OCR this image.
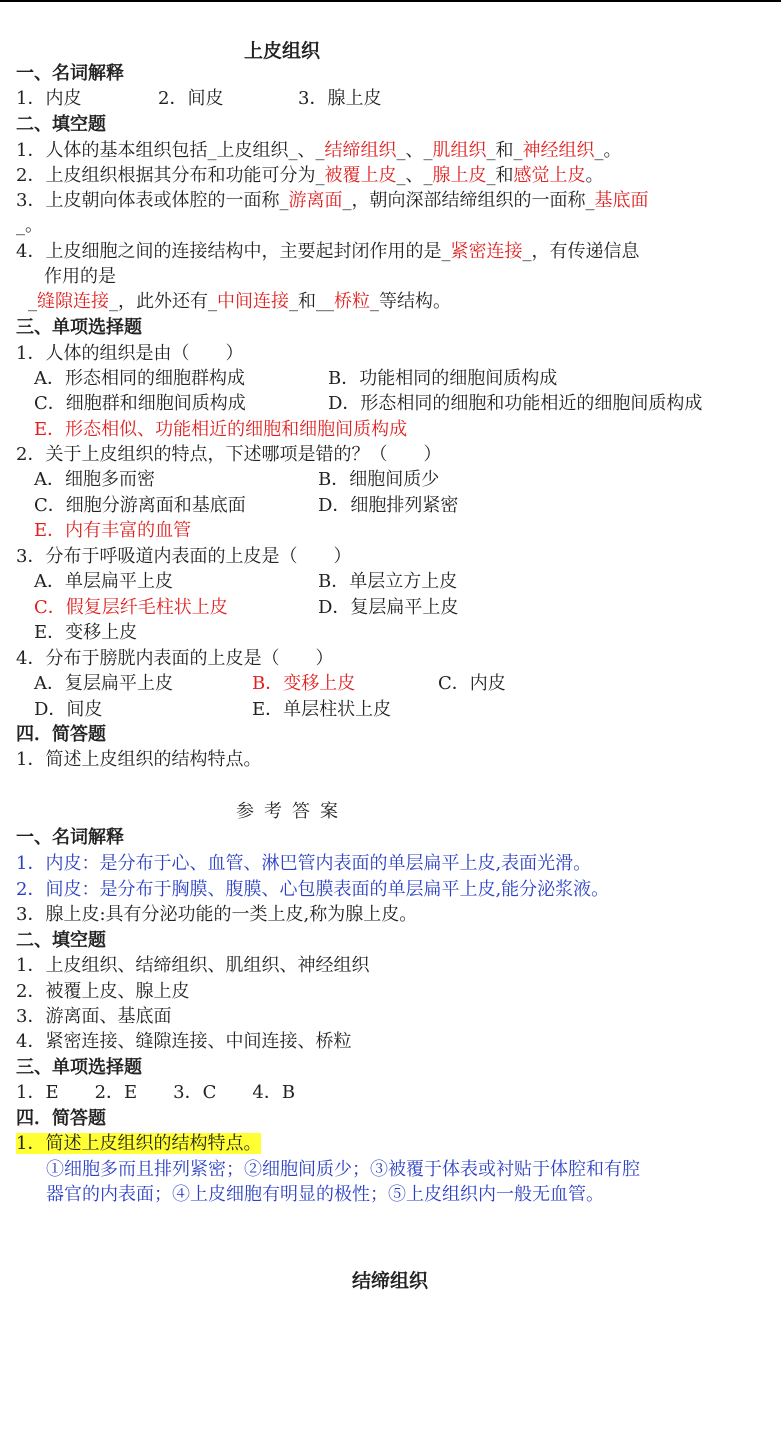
上皮组织
一、名词解释
1．内皮	2．间皮	3．腺上皮
二、填空题
1．人体的基本组织包括_上皮组织_、_结缔组织_、_肌组织_和_神经组织_。
2．上皮组织根据其分布和功能可分为_被覆上皮_、_腺上皮_和感觉上皮。
3．上皮朝向体表或体腔的一面称_游离面_，朝向深部结缔组织的一面称_基底面
_。
4．上皮细胞之间的连接结构中，主要起封闭作用的是_紧密连接_，有传递信息
作用的是
_缝隙连接_，此外还有_中间连接_和__桥粒_等结构。
三、单项选择题
1．人体的组织是由（　　）
A．形态相同的细胞群构成	B．功能相同的细胞间质构成
C．细胞群和细胞间质构成	D．形态相同的细胞和功能相近的细胞间质构成
E．形态相似、功能相近的细胞和细胞间质构成
2．关于上皮组织的特点，下述哪项是错的？（　　）
A．细胞多而密	B．细胞间质少
C．细胞分游离面和基底面	D．细胞排列紧密
E．内有丰富的血管
3．分布于呼吸道内表面的上皮是（　　）
A．单层扁平上皮	B．单层立方上皮
C．假复层纤毛柱状上皮	D．复层扁平上皮
E．变移上皮
4．分布于膀胱内表面的上皮是（　　）
A．复层扁平上皮	B．变移上皮	C．内皮
D．间皮	E．单层柱状上皮
四．简答题
1．简述上皮组织的结构特点。
参考答案
一、名词解释
1．内皮：是分布于心、血管、淋巴管内表面的单层扁平上皮,表面光滑。
2．间皮：是分布于胸膜、腹膜、心包膜表面的单层扁平上皮,能分泌浆液。
3．腺上皮:具有分泌功能的一类上皮,称为腺上皮。
二、填空题
1．上皮组织、结缔组织、肌组织、神经组织
2．被覆上皮、腺上皮
3．游离面、基底面
4．紧密连接、缝隙连接、中间连接、桥粒
三、单项选择题
1．E　　2．E　　3．C　　4．B
四．简答题
1．简述上皮组织的结构特点。
①细胞多而且排列紧密；②细胞间质少；③被覆于体表或衬贴于体腔和有腔
器官的内表面；④上皮细胞有明显的极性；⑤上皮组织内一般无血管。
结缔组织
